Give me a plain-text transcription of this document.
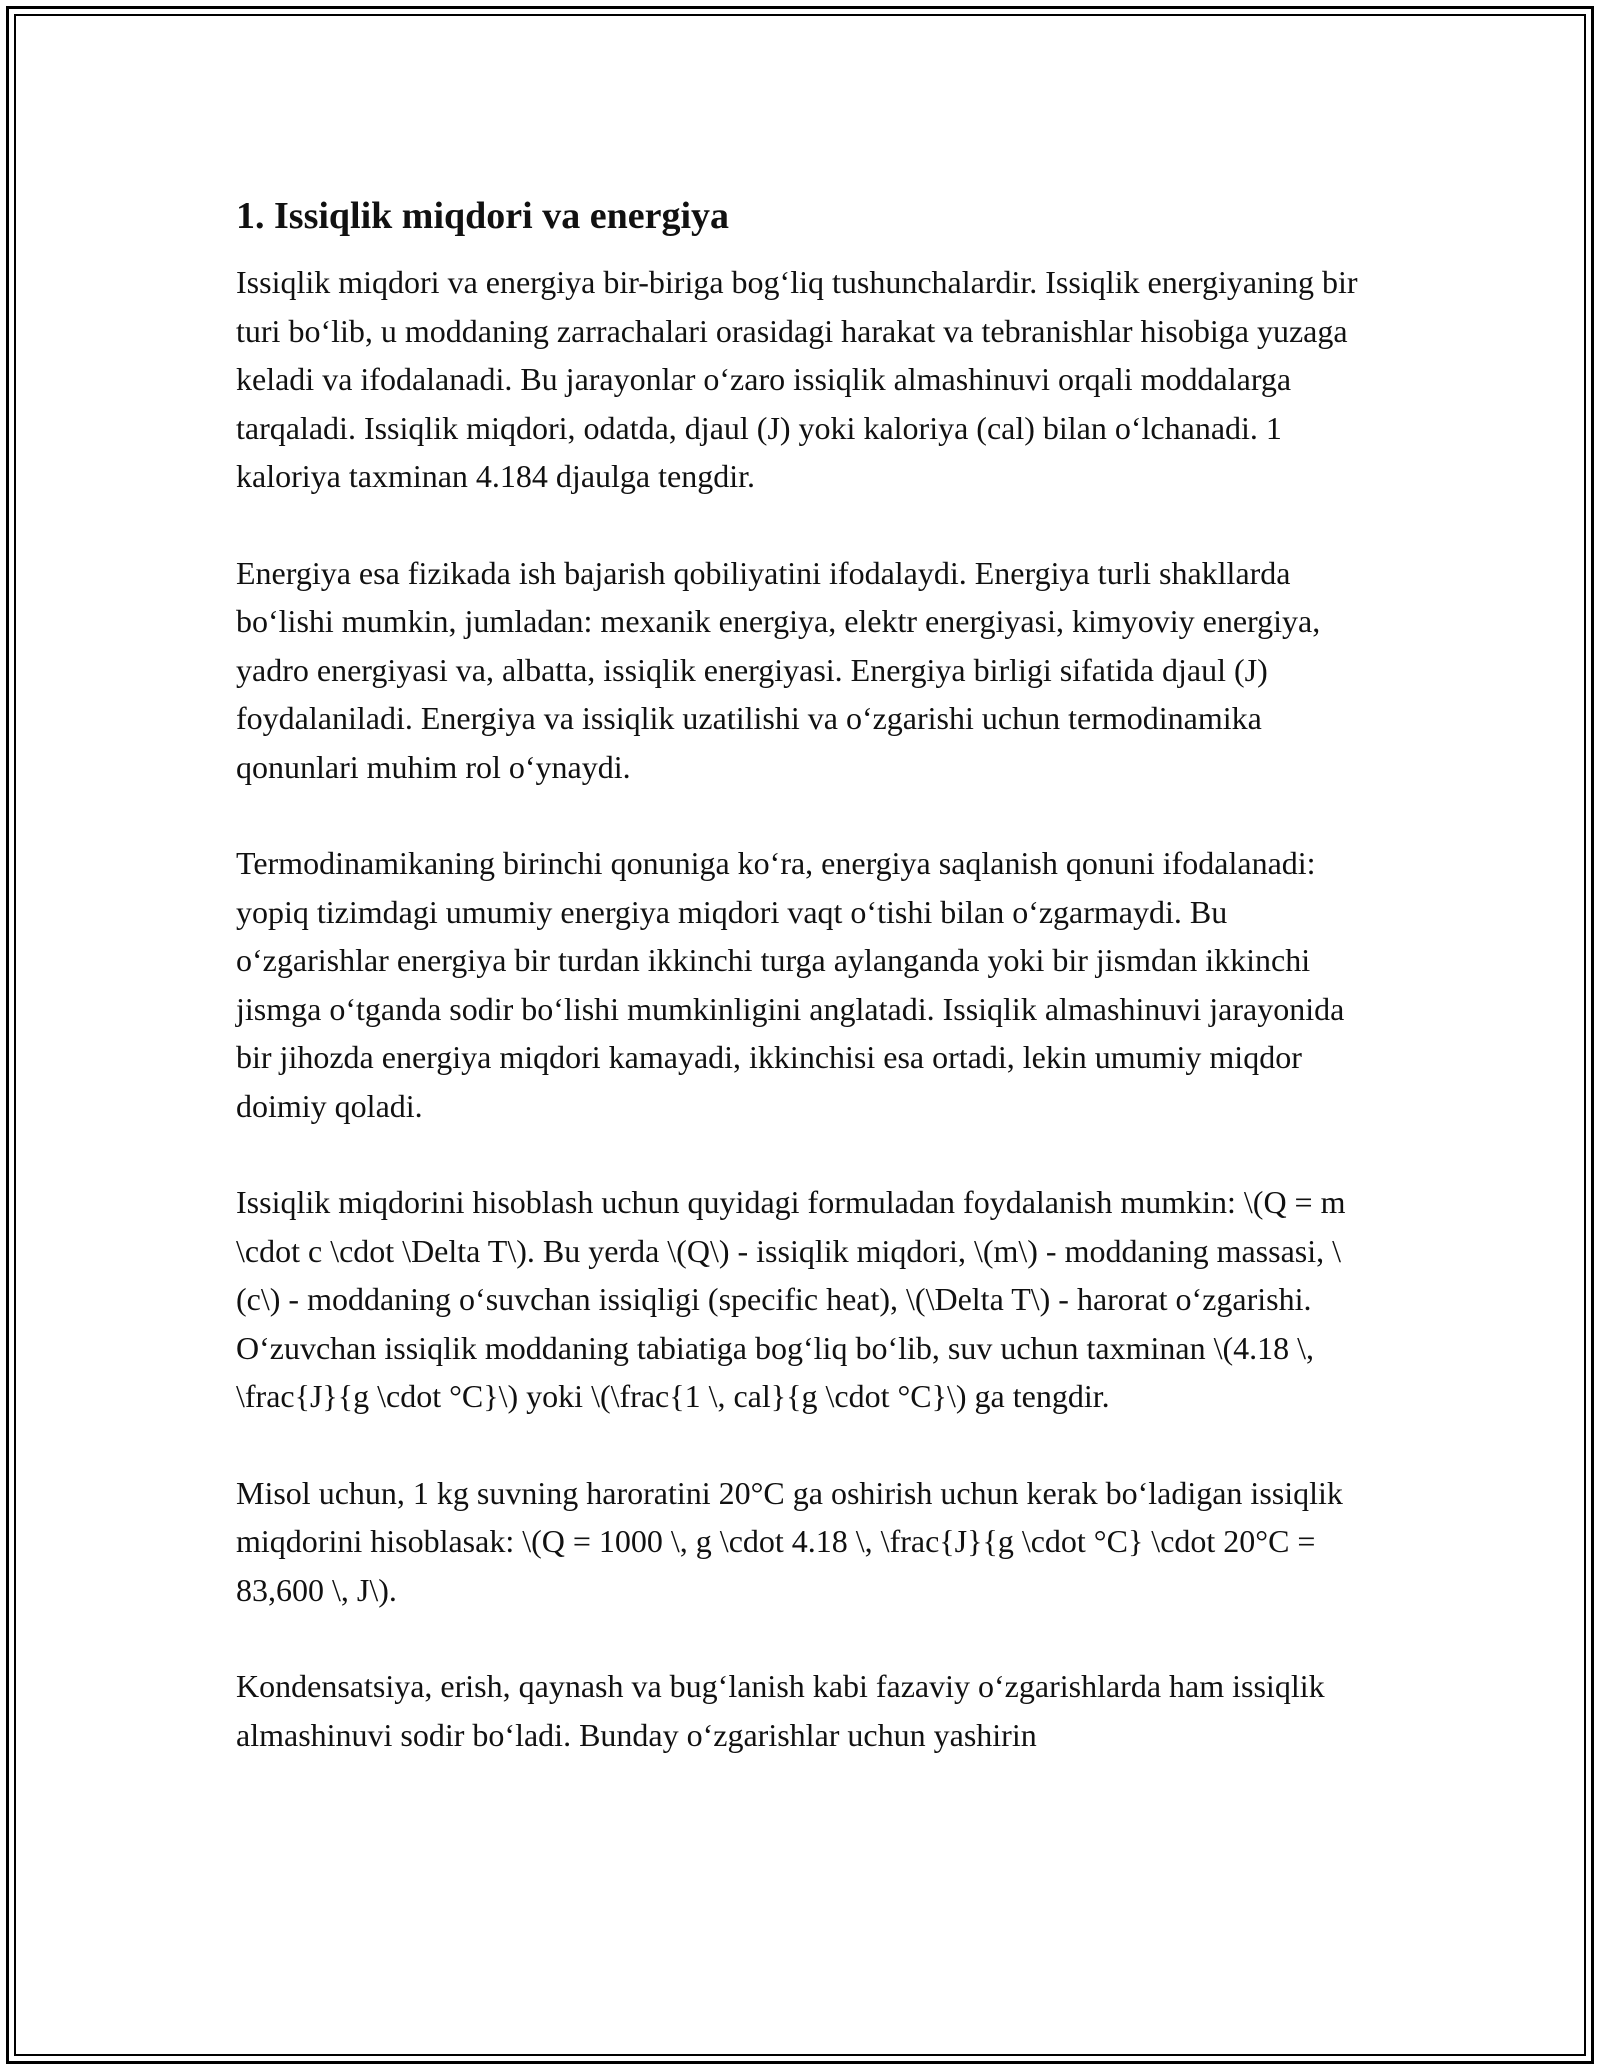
1. Issiqlik miqdori va energiya

Issiqlik miqdori va energiya bir-biriga bog‘liq tushunchalardir. Issiqlik energiyaning bir turi bo‘lib, u moddaning zarrachalari orasidagi harakat va tebranishlar hisobiga yuzaga keladi va ifodalanadi. Bu jarayonlar o‘zaro issiqlik almashinuvi orqali moddalarga tarqaladi. Issiqlik miqdori, odatda, djaul (J) yoki kaloriya (cal) bilan o‘lchanadi. 1 kaloriya taxminan 4.184 djaulga tengdir.

Energiya esa fizikada ish bajarish qobiliyatini ifodalaydi. Energiya turli shakllarda bo‘lishi mumkin, jumladan: mexanik energiya, elektr energiyasi, kimyoviy energiya, yadro energiyasi va, albatta, issiqlik energiyasi. Energiya birligi sifatida djaul (J) foydalaniladi. Energiya va issiqlik uzatilishi va o‘zgarishi uchun termodinamika qonunlari muhim rol o‘ynaydi.

Termodinamikaning birinchi qonuniga ko‘ra, energiya saqlanish qonuni ifodalanadi: yopiq tizimdagi umumiy energiya miqdori vaqt o‘tishi bilan o‘zgarmaydi. Bu o‘zgarishlar energiya bir turdan ikkinchi turga aylanganda yoki bir jismdan ikkinchi jismga o‘tganda sodir bo‘lishi mumkinligini anglatadi. Issiqlik almashinuvi jarayonida bir jihozda energiya miqdori kamayadi, ikkinchisi esa ortadi, lekin umumiy miqdor doimiy qoladi.

Issiqlik miqdorini hisoblash uchun quyidagi formuladan foydalanish mumkin: \(Q = m \cdot c \cdot \Delta T\). Bu yerda \(Q\) - issiqlik miqdori, \(m\) - moddaning massasi, \(c\) - moddaning o‘suvchan issiqligi (specific heat), \(\Delta T\) - harorat o‘zgarishi. O‘zuvchan issiqlik moddaning tabiatiga bog‘liq bo‘lib, suv uchun taxminan \(4.18 \, \frac{J}{g \cdot °C}\) yoki \(\frac{1 \, cal}{g \cdot °C}\) ga tengdir.

Misol uchun, 1 kg suvning haroratini 20°C ga oshirish uchun kerak bo‘ladigan issiqlik miqdorini hisoblasak: \(Q = 1000 \, g \cdot 4.18 \, \frac{J}{g \cdot °C} \cdot 20°C = 83,600 \, J\).

Kondensatsiya, erish, qaynash va bug‘lanish kabi fazaviy o‘zgarishlarda ham issiqlik almashinuvi sodir bo‘ladi. Bunday o‘zgarishlar uchun yashirin
